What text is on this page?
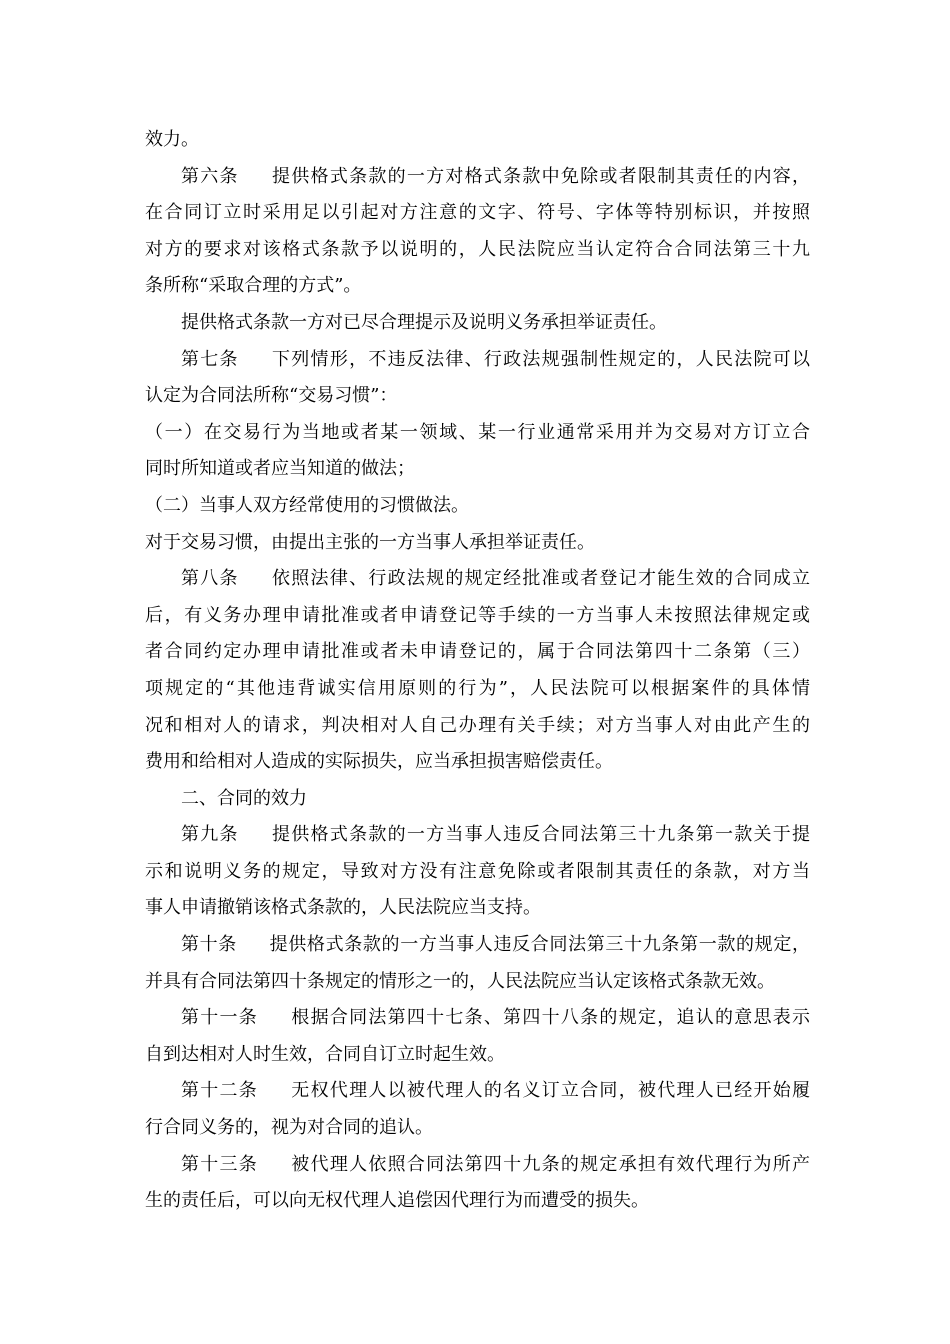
效力。
第六条 提供格式条款的一方对格式条款中免除或者限制其责任的内容，
在合同订立时采用足以引起对方注意的文字、符号、字体等特别标识，并按照
对方的要求对该格式条款予以说明的，人民法院应当认定符合合同法第三十九
条所称“采取合理的方式”。
提供格式条款一方对已尽合理提示及说明义务承担举证责任。
第七条 下列情形，不违反法律、行政法规强制性规定的，人民法院可以
认定为合同法所称“交易习惯”：
（一）在交易行为当地或者某一领域、某一行业通常采用并为交易对方订立合
同时所知道或者应当知道的做法；
（二）当事人双方经常使用的习惯做法。
对于交易习惯，由提出主张的一方当事人承担举证责任。
第八条 依照法律、行政法规的规定经批准或者登记才能生效的合同成立
后，有义务办理申请批准或者申请登记等手续的一方当事人未按照法律规定或
者合同约定办理申请批准或者未申请登记的，属于合同法第四十二条第（三）
项规定的“其他违背诚实信用原则的行为”，人民法院可以根据案件的具体情
况和相对人的请求，判决相对人自己办理有关手续；对方当事人对由此产生的
费用和给相对人造成的实际损失，应当承担损害赔偿责任。
二、合同的效力
第九条 提供格式条款的一方当事人违反合同法第三十九条第一款关于提
示和说明义务的规定，导致对方没有注意免除或者限制其责任的条款，对方当
事人申请撤销该格式条款的，人民法院应当支持。
第十条 提供格式条款的一方当事人违反合同法第三十九条第一款的规定，
并具有合同法第四十条规定的情形之一的，人民法院应当认定该格式条款无效。
第十一条 根据合同法第四十七条、第四十八条的规定，追认的意思表示
自到达相对人时生效，合同自订立时起生效。
第十二条 无权代理人以被代理人的名义订立合同，被代理人已经开始履
行合同义务的，视为对合同的追认。
第十三条 被代理人依照合同法第四十九条的规定承担有效代理行为所产
生的责任后，可以向无权代理人追偿因代理行为而遭受的损失。
